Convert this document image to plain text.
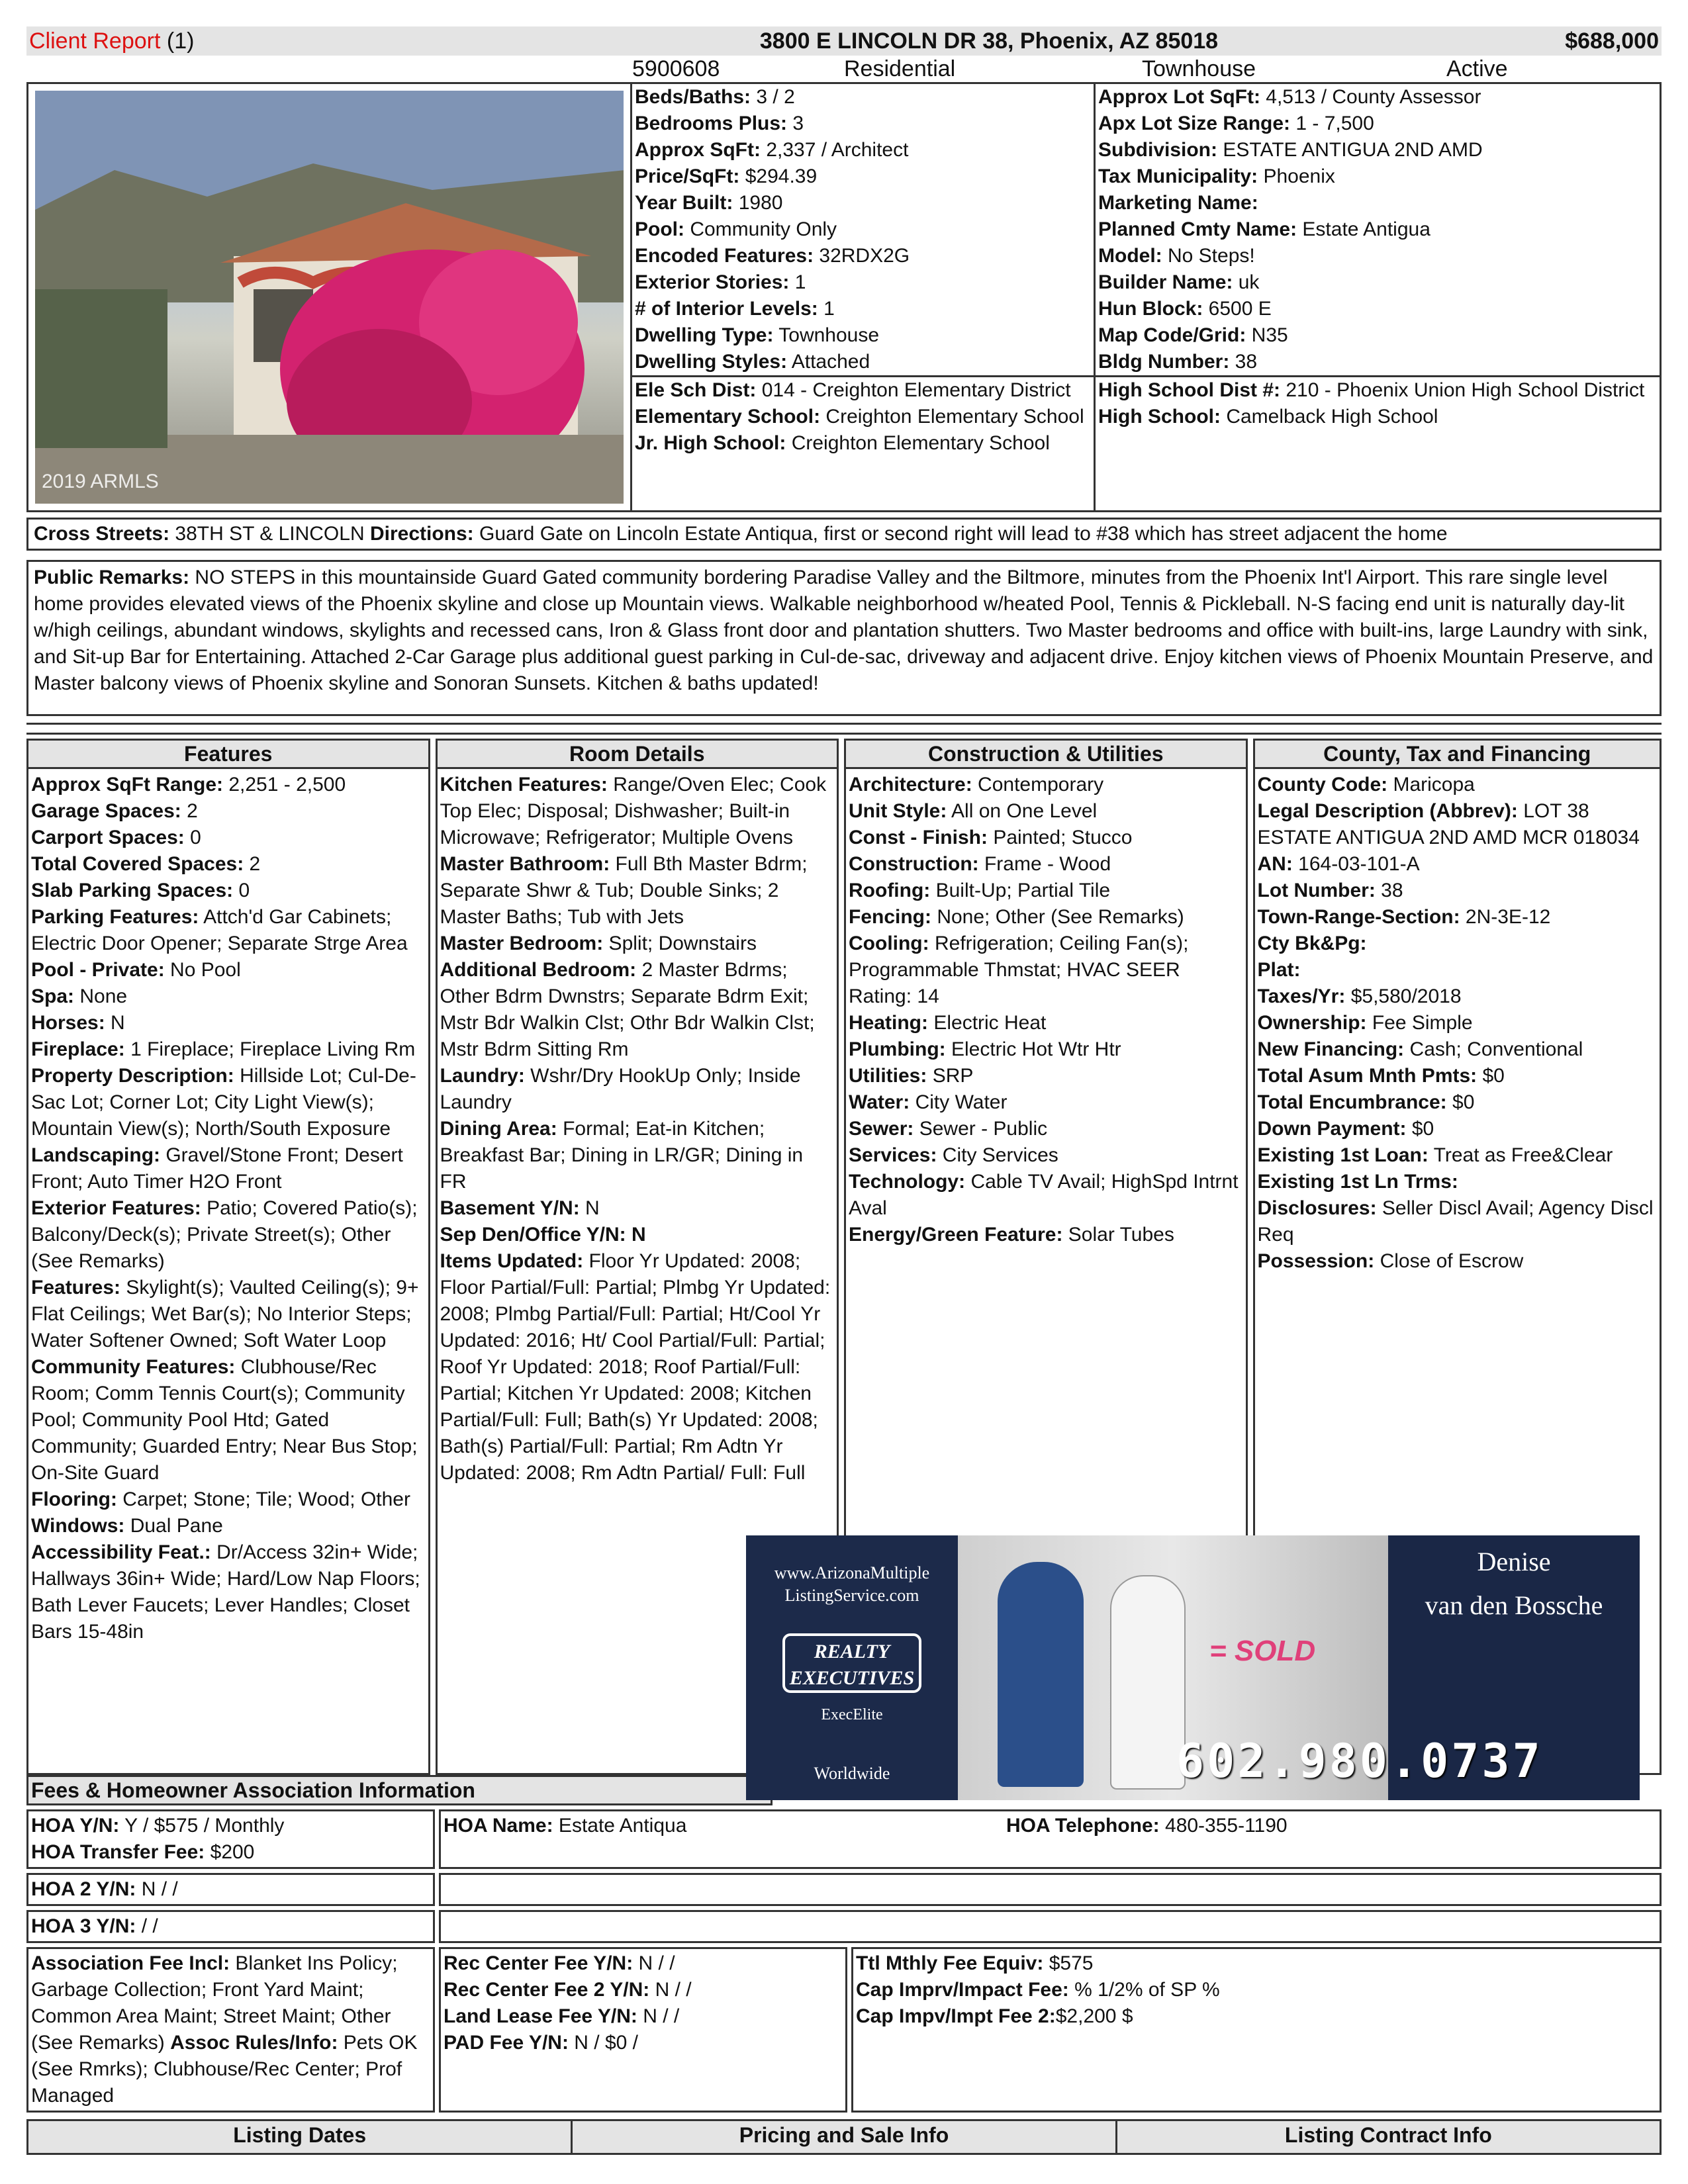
Client Report (1)	3800 E LINCOLN DR 38, Phoenix, AZ 85018	$688,000
5900608	Residential	Townhouse	Active
2019 ARMLS
Beds/Baths: 3 / 2
Bedrooms Plus: 3
Approx SqFt: 2,337 / Architect
Price/SqFt: $294.39
Year Built: 1980
Pool: Community Only
Encoded Features: 32RDX2G
Exterior Stories: 1
# of Interior Levels: 1
Dwelling Type: Townhouse
Dwelling Styles: Attached
Approx Lot SqFt: 4,513 / County Assessor
Apx Lot Size Range: 1 - 7,500
Subdivision: ESTATE ANTIGUA 2ND AMD
Tax Municipality: Phoenix
Marketing Name:
Planned Cmty Name: Estate Antigua
Model: No Steps!
Builder Name: uk
Hun Block: 6500 E
Map Code/Grid: N35
Bldg Number: 38
Ele Sch Dist: 014 - Creighton Elementary District
Elementary School: Creighton Elementary School
Jr. High School: Creighton Elementary School
High School Dist #: 210 - Phoenix Union High School District
High School: Camelback High School
Cross Streets: 38TH ST & LINCOLN Directions: Guard Gate on Lincoln Estate Antiqua, first or second right will lead to #38 which has street adjacent the home
Public Remarks: NO STEPS in this mountainside Guard Gated community bordering Paradise Valley and the Biltmore, minutes from the Phoenix Int'l Airport. This rare single level home provides elevated views of the Phoenix skyline and close up Mountain views. Walkable neighborhood w/heated Pool, Tennis & Pickleball. N-S facing end unit is naturally day-lit w/high ceilings, abundant windows, skylights and recessed cans, Iron & Glass front door and plantation shutters. Two Master bedrooms and office with built-ins, large Laundry with sink, and Sit-up Bar for Entertaining. Attached 2-Car Garage plus additional guest parking in Cul-de-sac, driveway and adjacent drive. Enjoy kitchen views of Phoenix Mountain Preserve, and Master balcony views of Phoenix skyline and Sonoran Sunsets. Kitchen & baths updated!
Features

Approx SqFt Range: 2,251 - 2,500

Garage Spaces: 2

Carport Spaces: 0

Total Covered Spaces: 2

Slab Parking Spaces: 0

Parking Features: Attch'd Gar Cabinets; Electric Door Opener; Separate Strge Area

Pool - Private: No Pool

Spa: None

Horses: N

Fireplace: 1 Fireplace; Fireplace Living Rm

Property Description: Hillside Lot; Cul-De-Sac Lot; Corner Lot; City Light View(s); Mountain View(s); North/South Exposure

Landscaping: Gravel/Stone Front; Desert Front; Auto Timer H2O Front

Exterior Features: Patio; Covered Patio(s); Balcony/Deck(s); Private Street(s); Other (See Remarks)

Features: Skylight(s); Vaulted Ceiling(s); 9+ Flat Ceilings; Wet Bar(s); No Interior Steps; Water Softener Owned; Soft Water Loop

Community Features: Clubhouse/Rec Room; Comm Tennis Court(s); Community Pool; Community Pool Htd; Gated Community; Guarded Entry; Near Bus Stop; On-Site Guard

Flooring: Carpet; Stone; Tile; Wood; Other

Windows: Dual Pane

Accessibility Feat.: Dr/Access 32in+ Wide; Hallways 36in+ Wide; Hard/Low Nap Floors; Bath Lever Faucets; Lever Handles; Closet Bars 15-48in

Room Details

Kitchen Features: Range/Oven Elec; Cook Top Elec; Disposal; Dishwasher; Built-in Microwave; Refrigerator; Multiple Ovens

Master Bathroom: Full Bth Master Bdrm; Separate Shwr & Tub; Double Sinks; 2 Master Baths; Tub with Jets

Master Bedroom: Split; Downstairs

Additional Bedroom: 2 Master Bdrms; Other Bdrm Dwnstrs; Separate Bdrm Exit; Mstr Bdr Walkin Clst; Othr Bdr Walkin Clst; Mstr Bdrm Sitting Rm

Laundry: Wshr/Dry HookUp Only; Inside Laundry

Dining Area: Formal; Eat-in Kitchen; Breakfast Bar; Dining in LR/GR; Dining in FR

Basement Y/N: N

Sep Den/Office Y/N: N

Items Updated: Floor Yr Updated: 2008; Floor Partial/Full: Partial; Plmbg Yr Updated: 2008; Plmbg Partial/Full: Partial; Ht/Cool Yr Updated: 2016; Ht/ Cool Partial/Full: Partial; Roof Yr Updated: 2018; Roof Partial/Full: Partial; Kitchen Yr Updated: 2008; Kitchen Partial/Full: Full; Bath(s) Yr Updated: 2008; Bath(s) Partial/Full: Partial; Rm Adtn Yr Updated: 2008; Rm Adtn Partial/ Full: Full

Construction & Utilities

Architecture: Contemporary

Unit Style: All on One Level

Const - Finish: Painted; Stucco

Construction: Frame - Wood

Roofing: Built-Up; Partial Tile

Fencing: None; Other (See Remarks)

Cooling: Refrigeration; Ceiling Fan(s); Programmable Thmstat; HVAC SEER Rating: 14

Heating: Electric Heat

Plumbing: Electric Hot Wtr Htr

Utilities: SRP

Water: City Water

Sewer: Sewer - Public

Services: City Services

Technology: Cable TV Avail; HighSpd Intrnt Aval

Energy/Green Feature: Solar Tubes

County, Tax and Financing

County Code: Maricopa

Legal Description (Abbrev): LOT 38 ESTATE ANTIGUA 2ND AMD MCR 018034

AN: 164-03-101-A

Lot Number: 38

Town-Range-Section: 2N-3E-12

Cty Bk&Pg:

Plat:

Taxes/Yr: $5,580/2018

Ownership: Fee Simple

New Financing: Cash; Conventional

Total Asum Mnth Pmts: $0

Total Encumbrance: $0

Down Payment: $0

Existing 1st Loan: Treat as Free&Clear

Existing 1st Ln Trms:

Disclosures: Seller Discl Avail; Agency Discl Req

Possession: Close of Escrow

Fees & Homeowner Association Information
HOA Y/N: Y / $575 / Monthly
HOA Transfer Fee: $200
HOA Name: Estate Antiqua	HOA Telephone: 480-355-1190
HOA 2 Y/N: N / /

HOA 3 Y/N: / /

Association Fee Incl: Blanket Ins Policy; Garbage Collection; Front Yard Maint; Common Area Maint; Street Maint; Other (See Remarks) Assoc Rules/Info: Pets OK (See Rmrks); Clubhouse/Rec Center; Prof Managed
Rec Center Fee Y/N: N / /
Rec Center Fee 2 Y/N: N / /
Land Lease Fee Y/N: N / /
PAD Fee Y/N: N / $0 /
Ttl Mthly Fee Equiv: $575
Cap Imprv/Impact Fee: % 1/2% of SP %
Cap Impv/Impt Fee 2:$2,200 $
Listing Dates	Pricing and Sale Info	Listing Contract Info
www.ArizonaMultiple
ListingService.com
REALTY
EXECUTIVES
ExecElite
Worldwide
= SOLD
Denise
van den Bossche
602.980.0737
